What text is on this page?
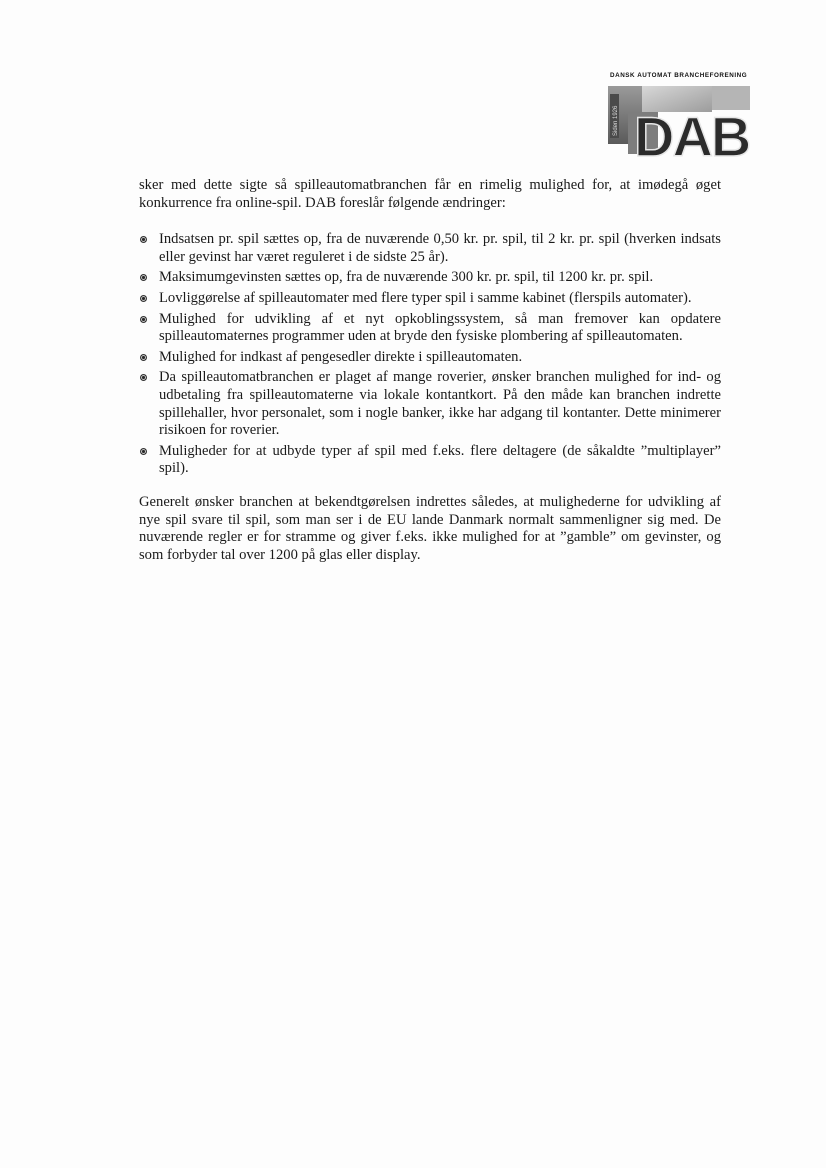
DANSK AUTOMAT BRANCHEFORENING
Siden 1926 DAB

sker med dette sigte så spilleautomatbranchen får en rimelig mulighed for, at imødegå øget konkurrence fra online-spil. DAB foreslår følgende ændringer:

Indsatsen pr. spil sættes op, fra de nuværende 0,50 kr. pr. spil, til 2 kr. pr. spil (hverken indsats eller gevinst har været reguleret i de sidste 25 år).
Maksimumgevinsten sættes op, fra de nuværende 300 kr. pr. spil, til 1200 kr. pr. spil.
Lovliggørelse af spilleautomater med flere typer spil i samme kabinet (flerspils automater).
Mulighed for udvikling af et nyt opkoblingssystem, så man fremover kan opdatere spilleautomaternes programmer uden at bryde den fysiske plombering af spilleautomaten.
Mulighed for indkast af pengesedler direkte i spilleautomaten.
Da spilleautomatbranchen er plaget af mange roverier, ønsker branchen mulighed for ind- og udbetaling fra spilleautomaterne via lokale kontantkort. På den måde kan branchen indrette spillehaller, hvor personalet, som i nogle banker, ikke har adgang til kontanter. Dette minimerer risikoen for roverier.
Muligheder for at udbyde typer af spil med f.eks. flere deltagere (de såkaldte ”multiplayer” spil).

Generelt ønsker branchen at bekendtgørelsen indrettes således, at mulighederne for udvikling af nye spil svare til spil, som man ser i de EU lande Danmark normalt sammenligner sig med. De nuværende regler er for stramme og giver f.eks. ikke mulighed for at ”gamble” om gevinster, og som forbyder tal over 1200 på glas eller display.
